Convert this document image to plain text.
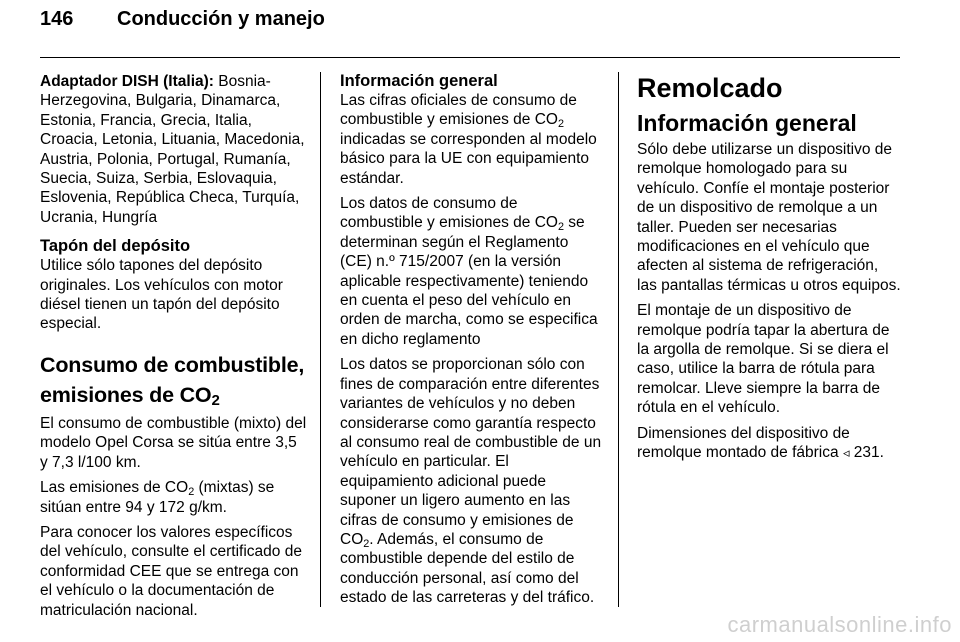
146 Conducción y manejo

Adaptador DISH (Italia): Bosnia-Herzegovina, Bulgaria, Dinamarca, Estonia, Francia, Grecia, Italia, Croacia, Letonia, Lituania, Macedonia, Austria, Polonia, Portugal, Rumanía, Suecia, Suiza, Serbia, Eslovaquia, Eslovenia, República Checa, Turquía, Ucrania, Hungría

Tapón del depósito

Utilice sólo tapones del depósito originales. Los vehículos con motor diésel tienen un tapón del depósito especial.

Consumo de combustible, emisiones de $CO_2$

El consumo de combustible (mixto) del modelo Opel Corsa se sitúa entre 3,5 y 7,3 l/100 km.

Las emisiones de $CO_2$ (mixtas) se sitúan entre 94 y 172 g/km.

Para conocer los valores específicos del vehículo, consulte el certificado de conformidad CEE que se entrega con el vehículo o la documentación de matriculación nacional.

Información general

Las cifras oficiales de consumo de combustible y emisiones de $CO_2$ indicadas se corresponden al modelo básico para la UE con equipamiento estándar.

Los datos de consumo de combustible y emisiones de $CO_2$ se determinan según el Reglamento (CE) n.º 715/2007 (en la versión aplicable respectivamente) teniendo en cuenta el peso del vehículo en orden de marcha, como se especifica en dicho reglamento

Los datos se proporcionan sólo con fines de comparación entre diferentes variantes de vehículos y no deben considerarse como garantía respecto al consumo real de combustible de un vehículo en particular. El equipamiento adicional puede suponer un ligero aumento en las cifras de consumo y emisiones de $CO_2$. Además, el consumo de combustible depende del estilo de conducción personal, así como del estado de las carreteras y del tráfico.

Remolcado
Información general

Sólo debe utilizarse un dispositivo de remolque homologado para su vehículo. Confíe el montaje posterior de un dispositivo de remolque a un taller. Pueden ser necesarias modificaciones en el vehículo que afecten al sistema de refrigeración, las pantallas térmicas u otros equipos.

El montaje de un dispositivo de remolque podría tapar la abertura de la argolla de remolque. Si se diera el caso, utilice la barra de rótula para remolcar. Lleve siempre la barra de rótula en el vehículo.

Dimensiones del dispositivo de remolque montado de fábrica ◃ 231.

carmanualsonline.info
